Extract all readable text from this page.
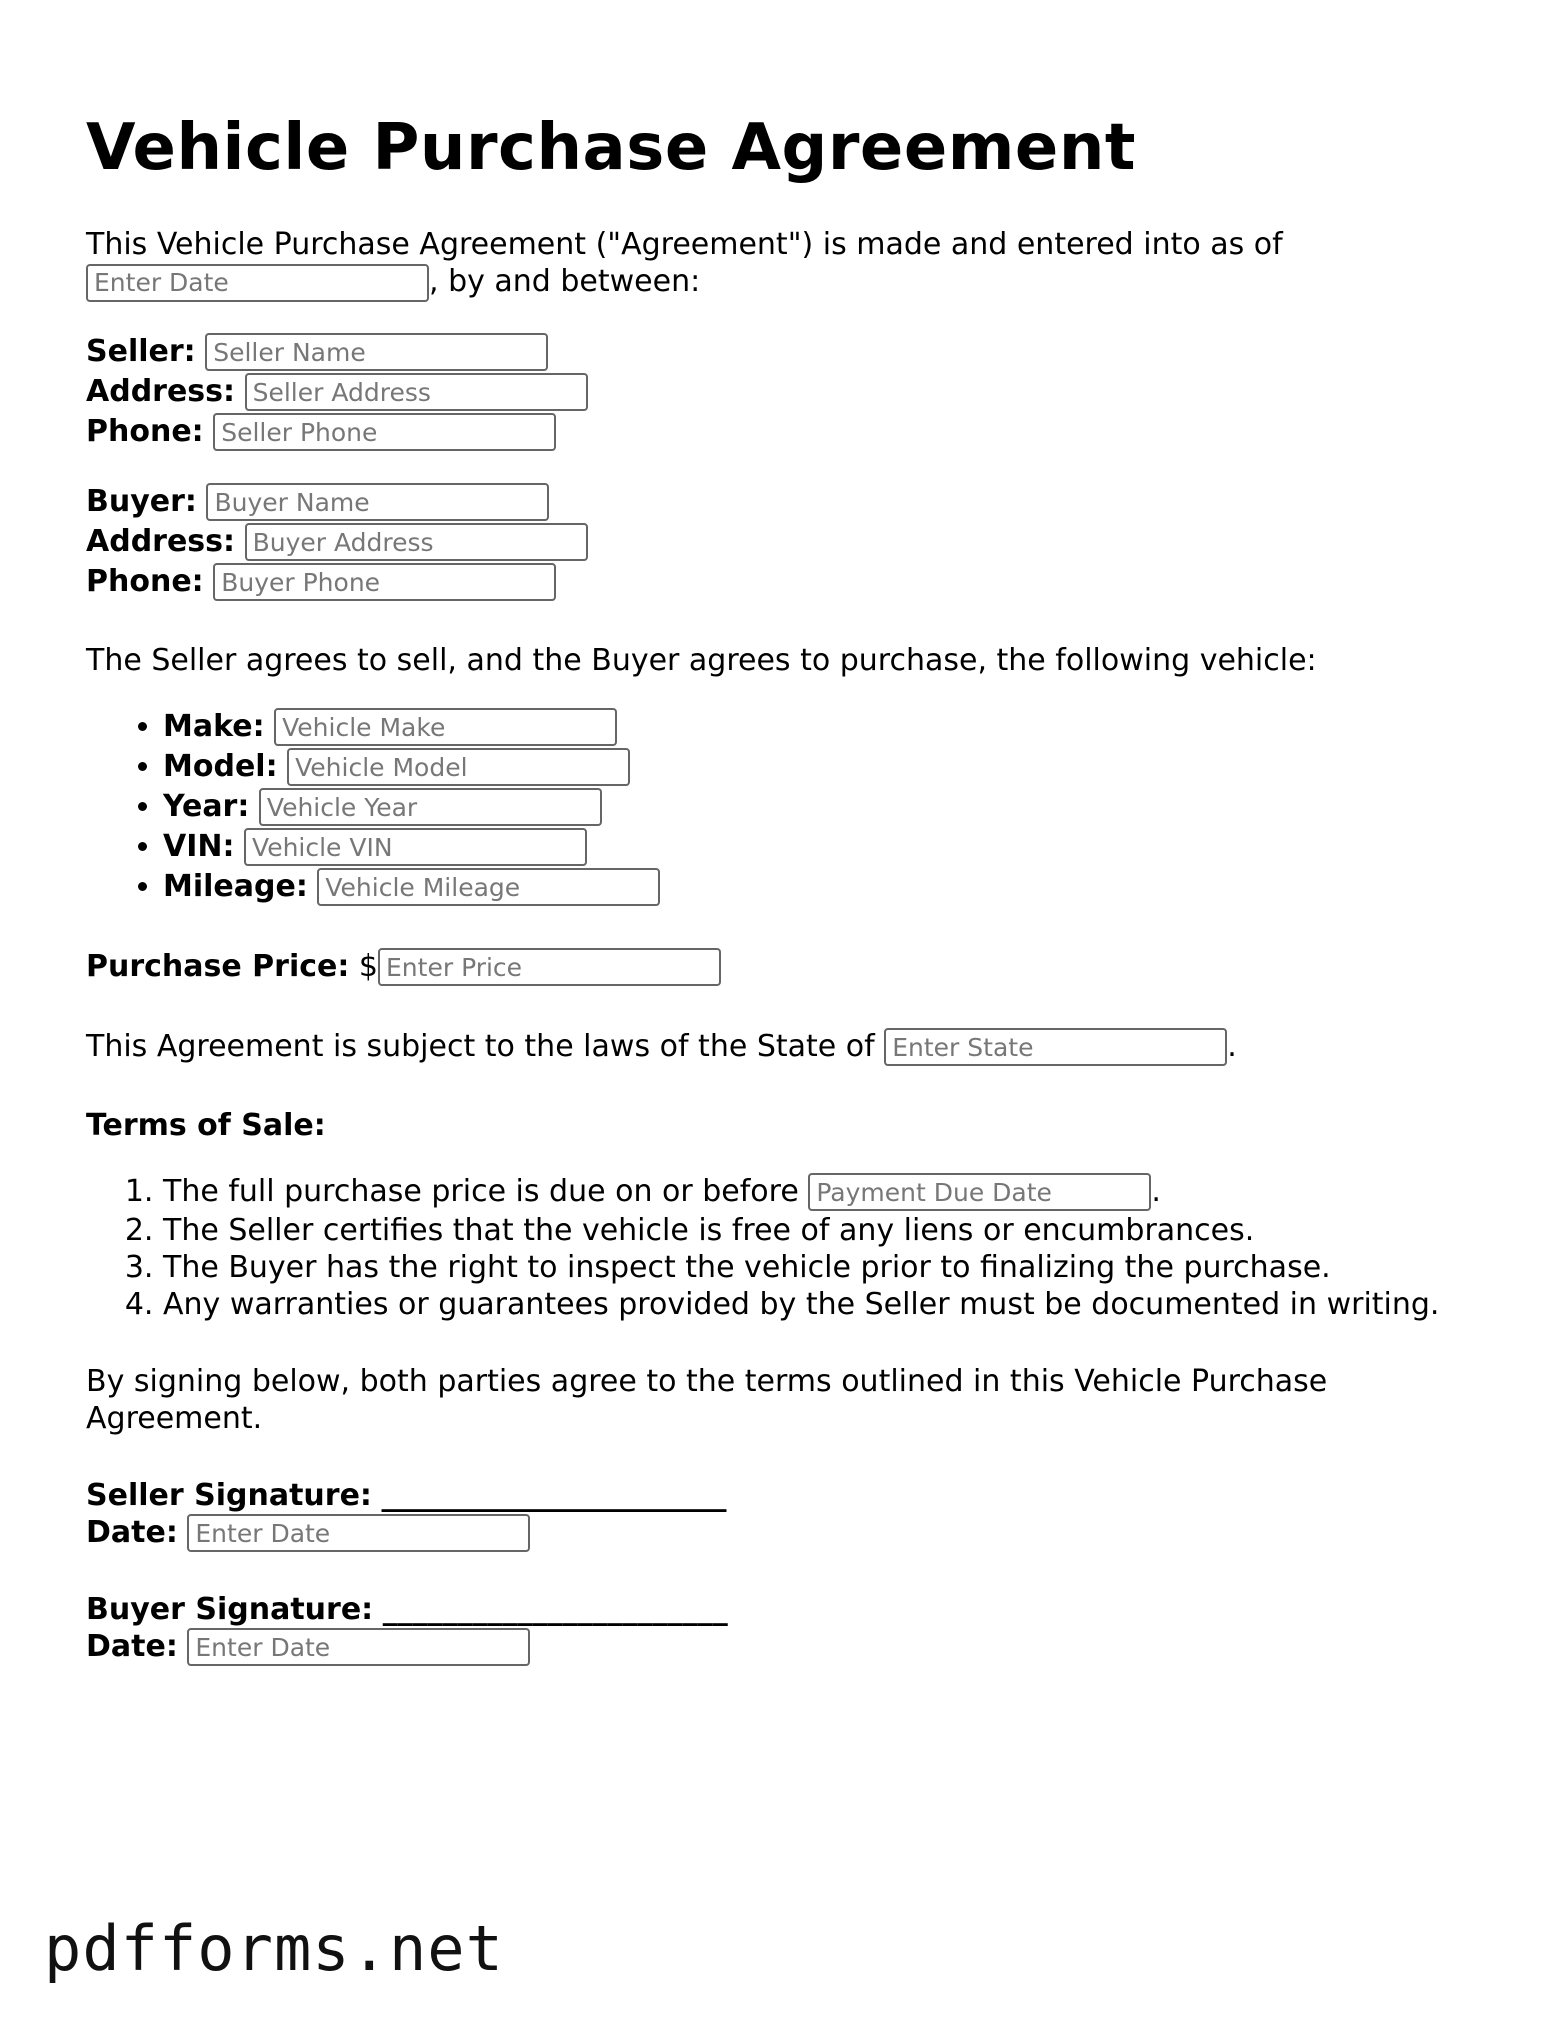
Vehicle Purchase Agreement

This Vehicle Purchase Agreement ("Agreement") is made and entered into as of
Enter Date, by and between:

Seller: Seller Name
Address: Seller Address
Phone: Seller Phone
Buyer: Buyer Name
Address: Buyer Address
Phone: Buyer Phone

The Seller agrees to sell, and the Buyer agrees to purchase, the following vehicle:

• Make: Vehicle Make
• Model: Vehicle Model
• Year: Vehicle Year
• VIN: Vehicle VIN
• Mileage: Vehicle Mileage
Purchase Price: $Enter Price
This Agreement is subject to the laws of the State of Enter State	.
Terms of Sale:
1. The full purchase price is due on or before Payment Due Date	.
2. The Seller certifies that the vehicle is free of any liens or encumbrances.
3. The Buyer has the right to inspect the vehicle prior to finalizing the purchase.
4. Any warranties or guarantees provided by the Seller must be documented in writing.

By signing below, both parties agree to the terms outlined in this Vehicle Purchase Agreement.

Seller Signature: _______________________
Date: Enter Date
Buyer Signature: _______________________
Date: Enter Date
pdfforms.net
